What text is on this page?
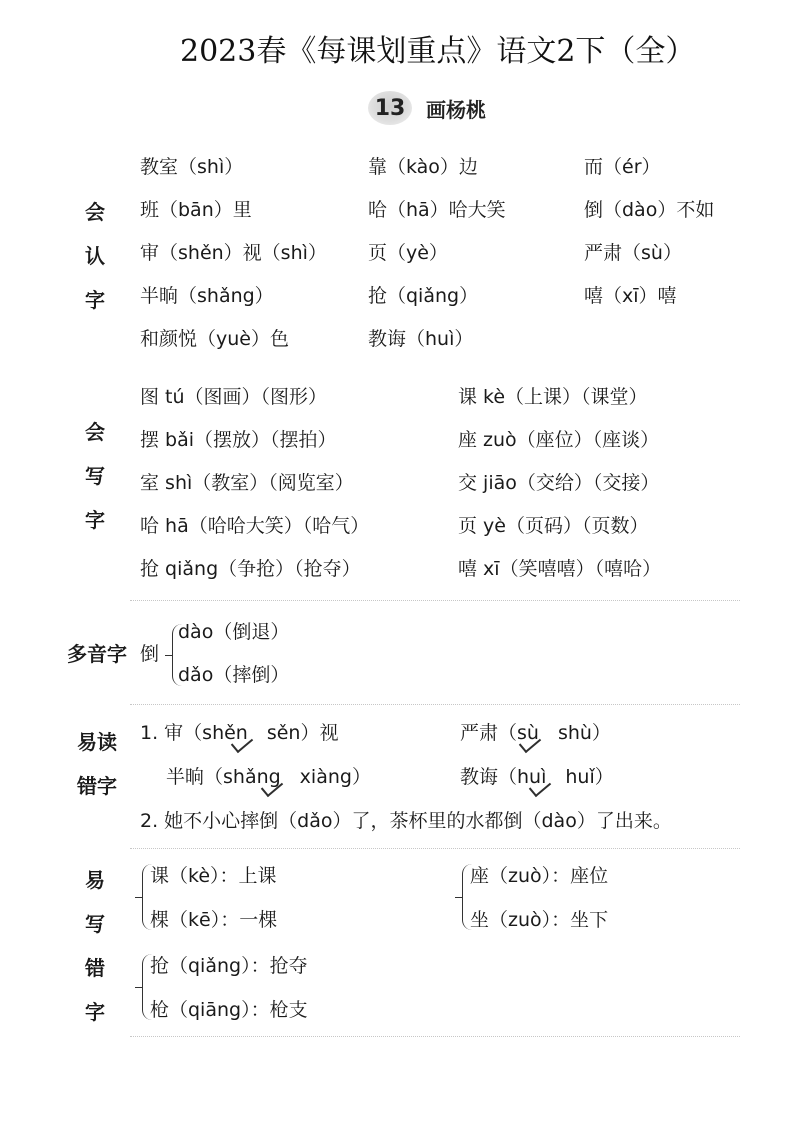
2023春《每课划重点》语文2下（全）
13	画杨桃
会
认
字
教室（shì）	靠（kào）边	而（ér）
班（bān）里	哈（hā）哈大笑	倒（dào）不如
审（shěn）视（shì）	页（yè）	严肃（sù）
半晌（shǎng）	抢（qiǎng）	嘻（xī）嘻
和颜悦（yuè）色	教诲（huì）
会
写
字
图 tú（图画）（图形）	课 kè（上课）（课堂）
摆 bǎi（摆放）（摆拍）	座 zuò（座位）（座谈）
室 shì（教室）（阅览室）	交 jiāo（交给）（交接）
哈 hā（哈哈大笑）（哈气）	页 yè（页码）（页数）
抢 qiǎng（争抢）（抢夺）	嘻 xī（笑嘻嘻）（嘻哈）
多音字 倒
dào（倒退）
dǎo（摔倒）
易读
错字
1. 审（shěn　sěn）视	严肃（sù　shù）
半晌（shǎng　xiàng）	教诲（huì　huǐ）
2. 她不小心摔倒（dǎo）了，茶杯里的水都倒（dào）了出来。
易
写
错
字
课（kè）：上课
棵（kē）：一棵
座（zuò）：座位
坐（zuò）：坐下
抢（qiǎng）：抢夺
枪（qiāng）：枪支
